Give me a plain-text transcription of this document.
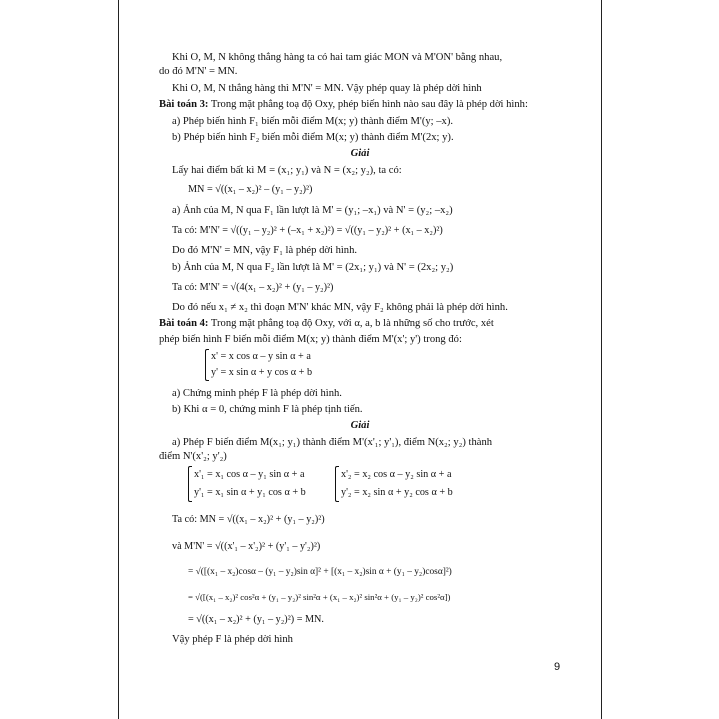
Khi O, M, N không thẳng hàng ta có hai tam giác MON và M'ON' bằng nhau,
do đó M'N' = MN.
Khi O, M, N thẳng hàng thì M'N' = MN. Vậy phép quay là phép dời hình
Bài toán 3: Trong mặt phẳng toạ độ Oxy, phép biến hình nào sau đây là phép dời hình:
a) Phép biến hình F₁ biến mỗi điểm M(x; y) thành điểm M'(y; –x).
b) Phép biến hình F₂ biến mỗi điểm M(x; y) thành điểm M'(2x; y).
Giải
Lấy hai điểm bất kì M = (x₁; y₁) và N = (x₂; y₂), ta có:
MN = √((x₁ – x₂)² – (y₁ – y₂)²)
a) Ảnh của M, N qua F₁ lần lượt là M' = (y₁; –x₁) và N' = (y₂; –x₂)
Ta có: M'N' = √((y₁ – y₂)² + (–x₁ + x₂)²) = √((y₁ – y₂)² + (x₁ – x₂)²)
Do đó M'N' = MN, vậy F₁ là phép dời hình.
b) Ảnh của M, N qua F₂ lần lượt là M' = (2x₁; y₁) và N' = (2x₂; y₂)
Ta có: M'N' = √(4(x₁ – x₂)² + (y₁ – y₂)²)
Do đó nếu x₁ ≠ x₂ thì đoạn M'N' khác MN, vậy F₂ không phải là phép dời hình.
Bài toán 4: Trong mặt phẳng toạ độ Oxy, với α, a, b là những số cho trước, xét
phép biến hình F biến mỗi điểm M(x; y) thành điểm M'(x'; y') trong đó:
x' = x cos α – y sin α + a
y' = x sin α + y cos α + b
a) Chứng minh phép F là phép dời hình.
b) Khi α = 0, chứng minh F là phép tịnh tiến.
Giải
a) Phép F biến điểm M(x₁; y₁) thành điểm M'(x'₁; y'₁), điểm N(x₂; y₂) thành
điểm N'(x'₂; y'₂)
x'₁ = x₁ cos α – y₁ sin α + a
y'₁ = x₁ sin α + y₁ cos α + b
x'₂ = x₂ cos α – y₂ sin α + a
y'₂ = x₂ sin α + y₂ cos α + b
Ta có: MN = √((x₁ – x₂)² + (y₁ – y₂)²)
và M'N' = √((x'₁ – x'₂)² + (y'₁ – y'₂)²)
= √([(x₁ – x₂)cosα – (y₁ – y₂)sin α]² + [(x₁ – x₂)sin α + (y₁ – y₂)cosα]²)
= √([(x₁ – x₂)² cos²α + (y₁ – y₂)² sin²α + (x₁ – x₂)² sin²α + (y₁ – y₂)² cos²α])
= √((x₁ – x₂)² + (y₁ – y₂)²) = MN.
Vậy phép F là phép dời hình
9
